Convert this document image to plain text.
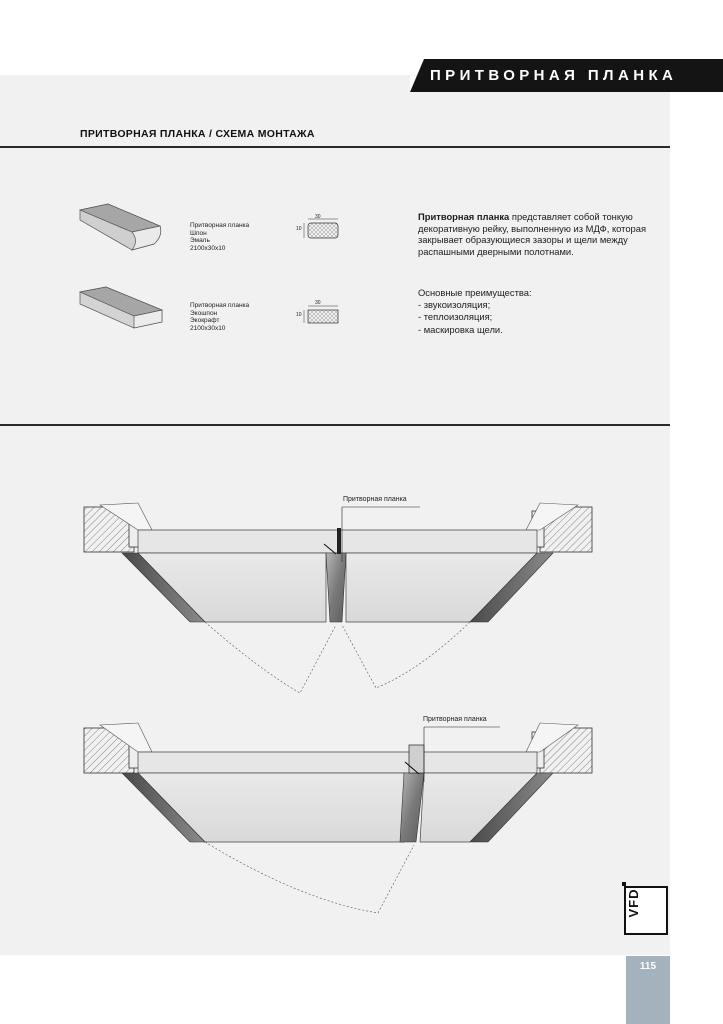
ПРИТВОРНАЯ ПЛАНКА
ПРИТВОРНАЯ ПЛАНКА / СХЕМА МОНТАЖА
Притворная планка
Шпон
Эмаль
2100х30х10
Притворная планка
Экошпон
Экокрафт
2100х30х10
30
10
30
10
Притворная планка представляет собой тонкую декоративную рейку, выполненную из МДФ, которая закрывает образующиеся зазоры и щели между распашными дверными полотнами.
Основные преимущества:
- звукоизоляция;
- теплоизоляция;
- маскировка щели.
Притворная планка
Притворная планка
VFD
115
